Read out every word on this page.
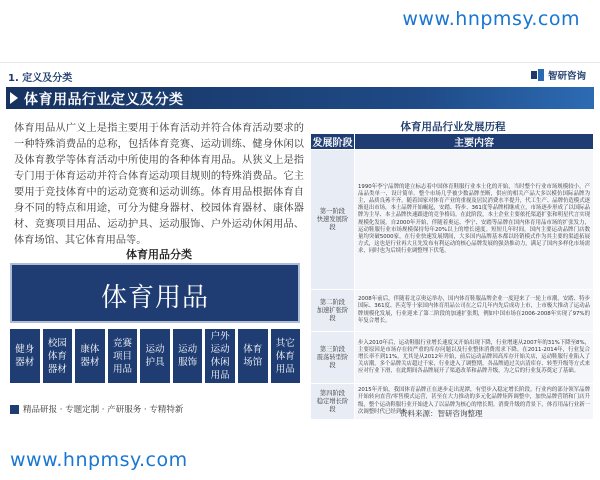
www.hnpmsy.com
1. 定义及分类	智研咨询
体育用品行业定义及分类

体育用品从广义上是指主要用于体育活动并符合体育活动要求的一种特殊消费品的总称，包括体育竞赛、运动训练、健身休闲以及体育教学等体育活动中所使用的各种体育用品。从狭义上是指专门用于体育运动并符合体育运动项目规则的特殊消费品。它主要用于竞技体育中的运动竞赛和运动训练。体育用品根据体育自身不同的特点和用途，可分为健身器材、校园体育器材、康体器材、竞赛项目用品、运动护具、运动服饰、户外运动休闲用品、体育场馆、其它体育用品等。

体育用品分类
体育用品
健身器材
校园体育器材
康体器材
竞赛项目用品
运动护具
运动服饰
户外运动休闲用品
体育场馆
其它体育用品
精品研报 · 专题定制 · 产研服务 · 专精特新
体育用品行业发展历程
发展阶段	主要内容
第一阶段
快速发展阶段	1990年李宁品牌的建立标志着中国体育鞋服行业本土化的开始，当时整个行业市场规模较小，产品品类单一，设计简单。整个市场几乎被少数品牌垄断，供应的相关产品大多以模仿国际品牌为主，品质良莠不齐。随着国家对体育产业的重视及居民消费水平提升，代工生产、品牌仿造模式逐渐退出市场，本土品牌开始崛起，安踏、特步、361度等品牌相继成立，市场逐步形成了以国际品牌为主导、本土品牌快速跟进的竞争格局。在此阶段，本土企业主要依托渠道扩张和明星代言实现规模化发展。自2000年开始，伴随着奥运、李宁、安踏等品牌在国内体育用品市场的扩张发力，运动鞋服行业市场规模保持每年20%以上的增长速度。短短几年时间，国内主要运动品牌门店数量均突破5000家，在行业快速发展期间，大多国内品牌基本都以经销模式作为其主要的渠道拓展方式，这也是行业再大且先发布有利运动的核心品牌发展的强劲推动力，满足了国内多样化市场需求，同时也为后续行业调整埋下伏笔。
第二阶段
加速扩张阶段	2008年前后，伴随着北京奥运举办，国内体育鞋服品牌企业一度迎来了一轮上市潮，安踏、特步国际、361度、匹克等十家国内体育用品公司在之后几年内先后成功上市，上市极大推动了运动品牌规模化发展，行业迎来了第二阶段的加速扩张期，例如中国市场在2006-2008年实现了97%的年复合增长。
第三阶段
震荡转型阶段	步入2010年后，运动鞋服行业增长速度又开始出现下降，行业增速从2007年的31%下降至8%，主要原因是市场存在较严重的库存问题以及行业整体消费需求下降。在2011-2014年，行业复合增长率不到11%，尤其是从2012年开始，前后运动品牌因高库存开始关店，运动鞋服行业陷入了关店潮，多个品牌关店超过千家，行业进入了调整期，各品牌通过关店清库存、转型升级等方式来应对行业下滑，在此期间各品牌展开了渠道改革和品牌升级，为之后的行业复苏奠定了基础。
第四阶段
稳定增长阶段	2015年开始，我国体育品牌正在逐步走出泥潭，有望步入稳定增长阶段。行业内的部分领军品牌开始转向直营/零售模式运营，甚至在大力推动的多元化品牌矩阵调整中，加快品牌营销和门店升级，整个运动鞋服行业开始进入了以品牌为核心的增长期。消费升级的背景下，体育用品行业新一次调整时代已经到来。
资料来源：智研咨询整理
www.hnpmsy.com
